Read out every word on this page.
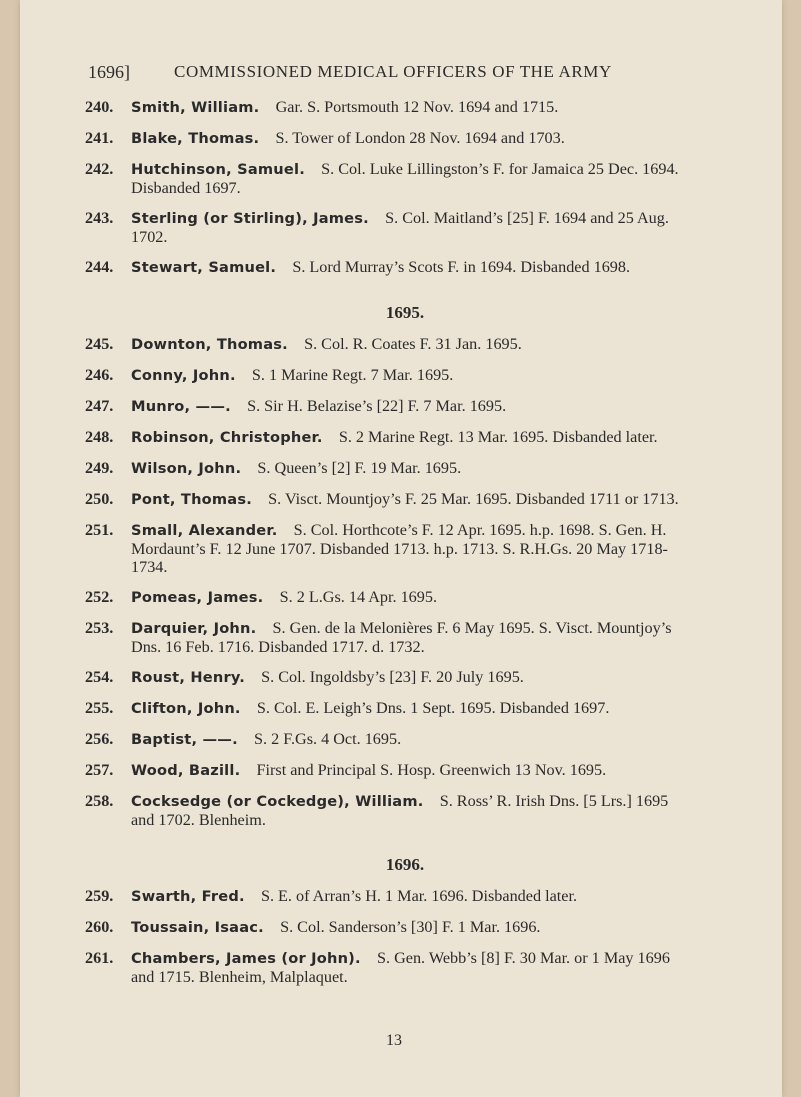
1696]	COMMISSIONED MEDICAL OFFICERS OF THE ARMY
240. Smith, William.  Gar. S. Portsmouth 12 Nov. 1694 and 1715.
241. Blake, Thomas.  S. Tower of London 28 Nov. 1694 and 1703.
242. Hutchinson, Samuel.  S. Col. Luke Lillingston’s F. for Jamaica 25 Dec. 1694. Disbanded 1697.
243. Sterling (or Stirling), James.  S. Col. Maitland’s [25] F. 1694 and 25 Aug. 1702.
244. Stewart, Samuel.  S. Lord Murray’s Scots F. in 1694. Disbanded 1698.
1695.
245. Downton, Thomas.  S. Col. R. Coates F. 31 Jan. 1695.
246. Conny, John.  S. 1 Marine Regt. 7 Mar. 1695.
247. Munro, ——.  S. Sir H. Belazise’s [22] F. 7 Mar. 1695.
248. Robinson, Christopher.  S. 2 Marine Regt. 13 Mar. 1695. Disbanded later.
249. Wilson, John.  S. Queen’s [2] F. 19 Mar. 1695.
250. Pont, Thomas.  S. Visct. Mountjoy’s F. 25 Mar. 1695. Disbanded 1711 or 1713.
251. Small, Alexander.  S. Col. Horthcote’s F. 12 Apr. 1695. h.p. 1698. S. Gen. H. Mordaunt’s F. 12 June 1707. Disbanded 1713. h.p. 1713. S. R.H.Gs. 20 May 1718-1734.
252. Pomeas, James.  S. 2 L.Gs. 14 Apr. 1695.
253. Darquier, John.  S. Gen. de la Melonières F. 6 May 1695. S. Visct. Mountjoy’s Dns. 16 Feb. 1716. Disbanded 1717. d. 1732.
254. Roust, Henry.  S. Col. Ingoldsby’s [23] F. 20 July 1695.
255. Clifton, John.  S. Col. E. Leigh’s Dns. 1 Sept. 1695. Disbanded 1697.
256. Baptist, ——.  S. 2 F.Gs. 4 Oct. 1695.
257. Wood, Bazill.  First and Principal S. Hosp. Greenwich 13 Nov. 1695.
258. Cocksedge (or Cockedge), William.  S. Ross’ R. Irish Dns. [5 Lrs.] 1695 and 1702. Blenheim.
1696.
259. Swarth, Fred.  S. E. of Arran’s H. 1 Mar. 1696. Disbanded later.
260. Toussain, Isaac.  S. Col. Sanderson’s [30] F. 1 Mar. 1696.
261. Chambers, James (or John).  S. Gen. Webb’s [8] F. 30 Mar. or 1 May 1696 and 1715. Blenheim, Malplaquet.
13
